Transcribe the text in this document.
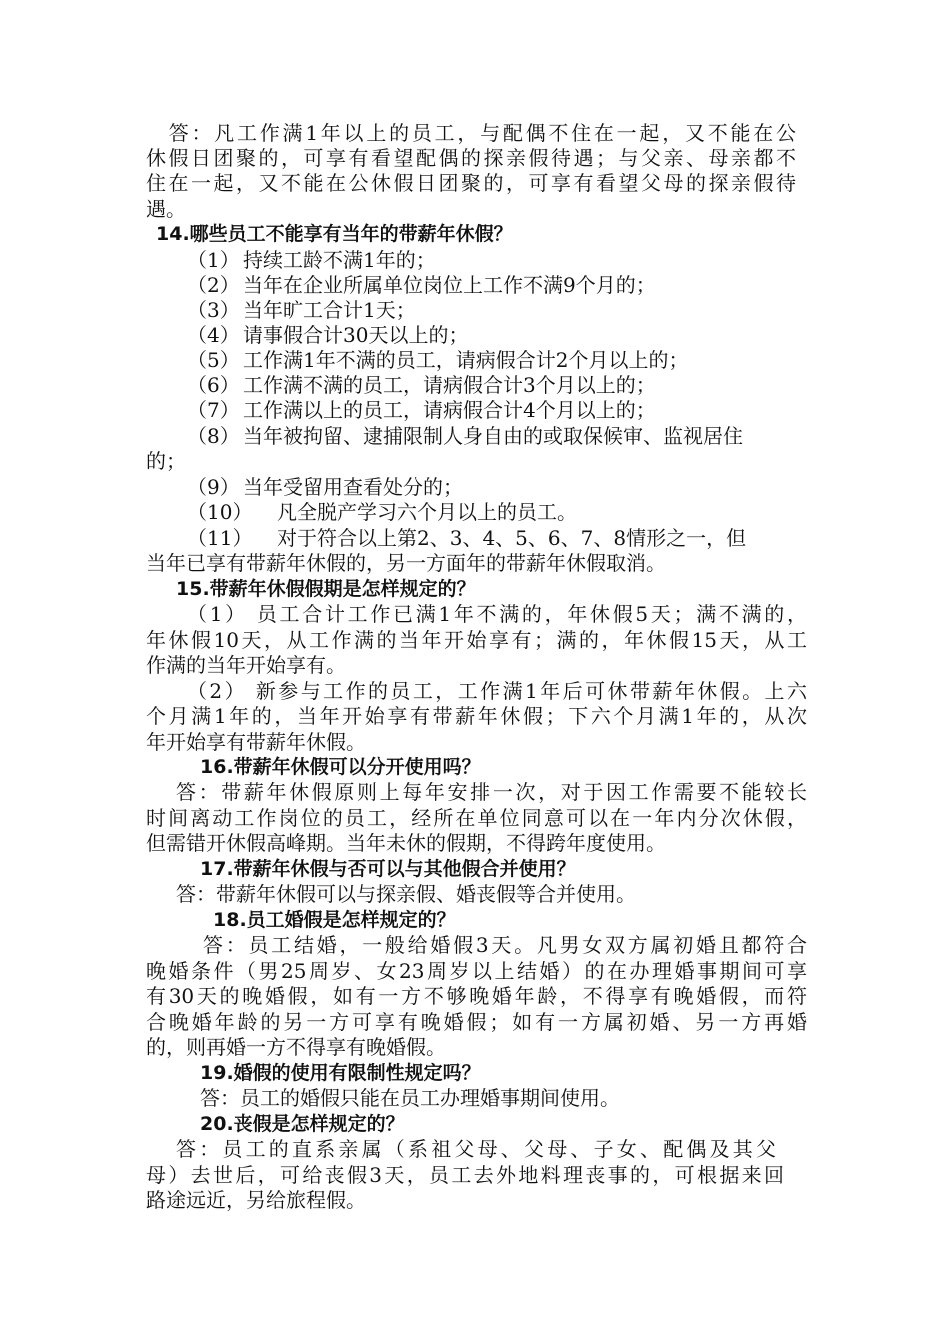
　答：凡工作满1年以上的员工，与配偶不住在一起，又不能在公
休假日团聚的，可享有看望配偶的探亲假待遇；与父亲、母亲都不
住在一起，又不能在公休假日团聚的，可享有看望父母的探亲假待
遇。
14.哪些员工不能享有当年的带薪年休假？
（1） 持续工龄不满1年的；
（2） 当年在企业所属单位岗位上工作不满9个月的；
（3） 当年旷工合计1天；
（4） 请事假合计30天以上的；
（5） 工作满1年不满的员工，请病假合计2个月以上的；
（6） 工作满不满的员工，请病假合计3个月以上的；
（7） 工作满以上的员工，请病假合计4个月以上的；
（8） 当年被拘留、逮捕限制人身自由的或取保候审、监视居住
的；
（9） 当年受留用查看处分的；
（10） 凡全脱产学习六个月以上的员工。
（11） 对于符合以上第2、3、4、5、6、7、8情形之一，但
当年已享有带薪年休假的，另一方面年的带薪年休假取消。
15.带薪年休假假期是怎样规定的？
（1） 员工合计工作已满1年不满的，年休假5天；满不满的，
年休假10天，从工作满的当年开始享有；满的，年休假15天，从工
作满的当年开始享有。
（2） 新参与工作的员工，工作满1年后可休带薪年休假。上六
个月满1年的，当年开始享有带薪年休假；下六个月满1年的，从次
年开始享有带薪年休假。
16.带薪年休假可以分开使用吗？
答：带薪年休假原则上每年安排一次，对于因工作需要不能较长
时间离动工作岗位的员工，经所在单位同意可以在一年内分次休假，
但需错开休假高峰期。当年未休的假期，不得跨年度使用。
17.带薪年休假与否可以与其他假合并使用？
答：带薪年休假可以与探亲假、婚丧假等合并使用。
18.员工婚假是怎样规定的？
答：员工结婚，一般给婚假3天。凡男女双方属初婚且都符合
晚婚条件（男25周岁、女23周岁以上结婚）的在办理婚事期间可享
有30天的晚婚假，如有一方不够晚婚年龄，不得享有晚婚假，而符
合晚婚年龄的另一方可享有晚婚假；如有一方属初婚、另一方再婚
的，则再婚一方不得享有晚婚假。
19.婚假的使用有限制性规定吗？
答：员工的婚假只能在员工办理婚事期间使用。
20.丧假是怎样规定的？
答：员工的直系亲属（系祖父母、父母、子女、配偶及其父
母）去世后，可给丧假3天，员工去外地料理丧事的，可根据来回
路途远近，另给旅程假。
